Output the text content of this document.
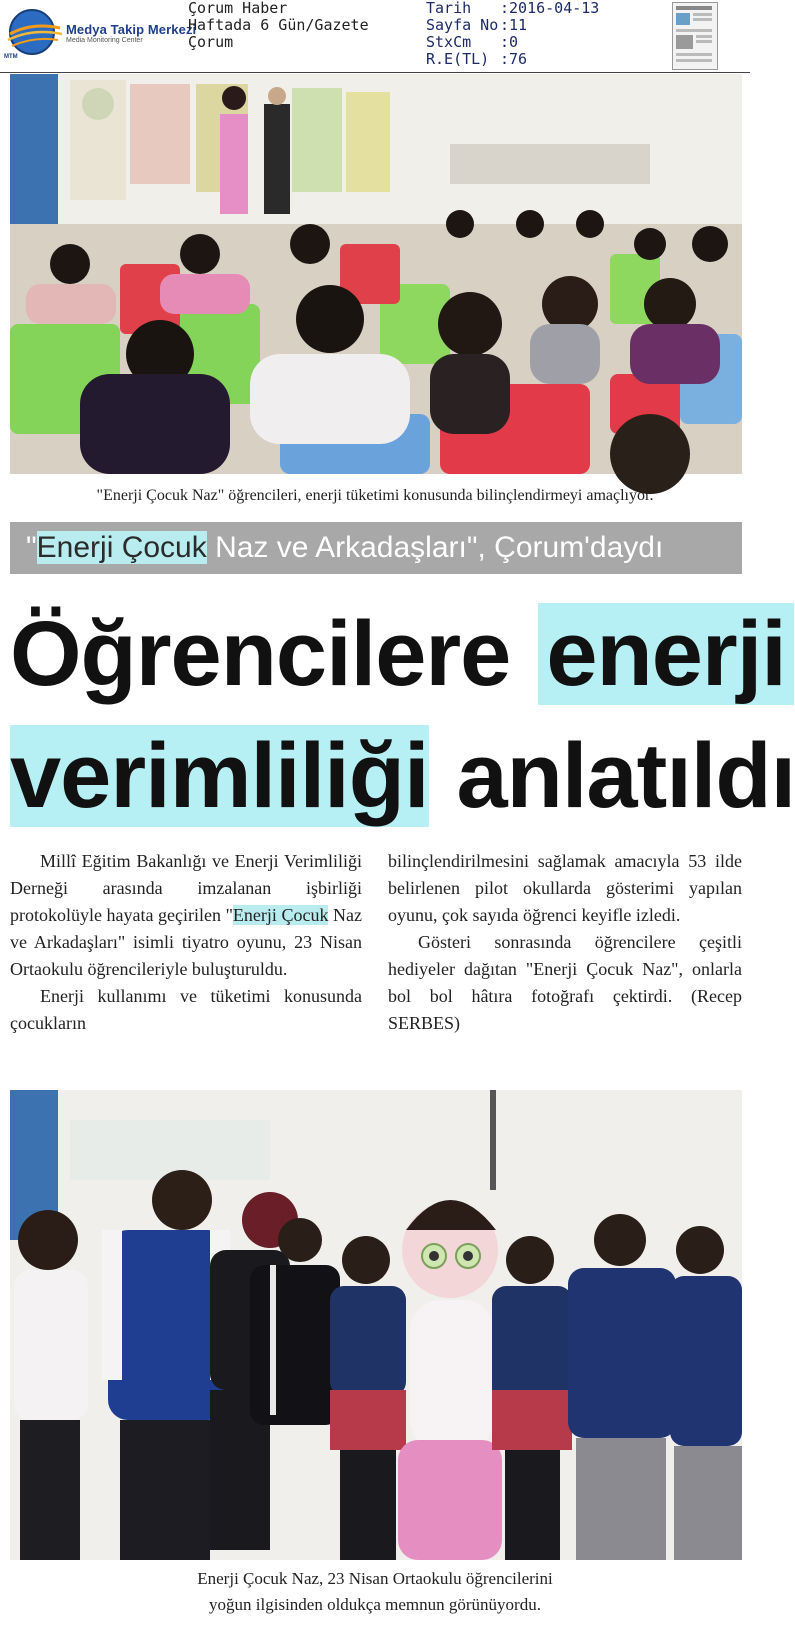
MTM
Medya Takip Merkezi
Media Monitoring Center
Çorum Haber
Haftada 6 Gün/Gazete
Çorum
Tarih :2016-04-13
Sayfa No :11
StxCm :0
R.E(TL) :76
"Enerji Çocuk Naz" öğrencileri, enerji tüketimi konusunda bilinçlendirmeyi amaçlıyor.
"Enerji Çocuk Naz ve Arkadaşları", Çorum'daydı
Öğrencilere enerji
verimliliği anlatıldı

Millî Eğitim Bakanlığı ve Enerji Verimliliği Derneği arasında imzalanan işbirliği protokolüyle hayata geçirilen "Enerji Çocuk Naz ve Arkadaşları" isimli tiyatro oyunu, 23 Nisan Ortaokulu öğrencileriyle buluşturuldu.

Enerji kullanımı ve tüketimi konusunda çocukların

bilinçlendirilmesini sağlamak amacıyla 53 ilde belirlenen pilot okullarda gösterimi yapılan oyunu, çok sayıda öğrenci keyifle izledi.

Gösteri sonrasında öğrencilere çeşitli hediyeler dağıtan "Enerji Çocuk Naz", onlarla bol bol hâtıra fotoğrafı çektirdi. (Recep SERBES)

Enerji Çocuk Naz, 23 Nisan Ortaokulu öğrencilerini
yoğun ilgisinden oldukça memnun görünüyordu.
